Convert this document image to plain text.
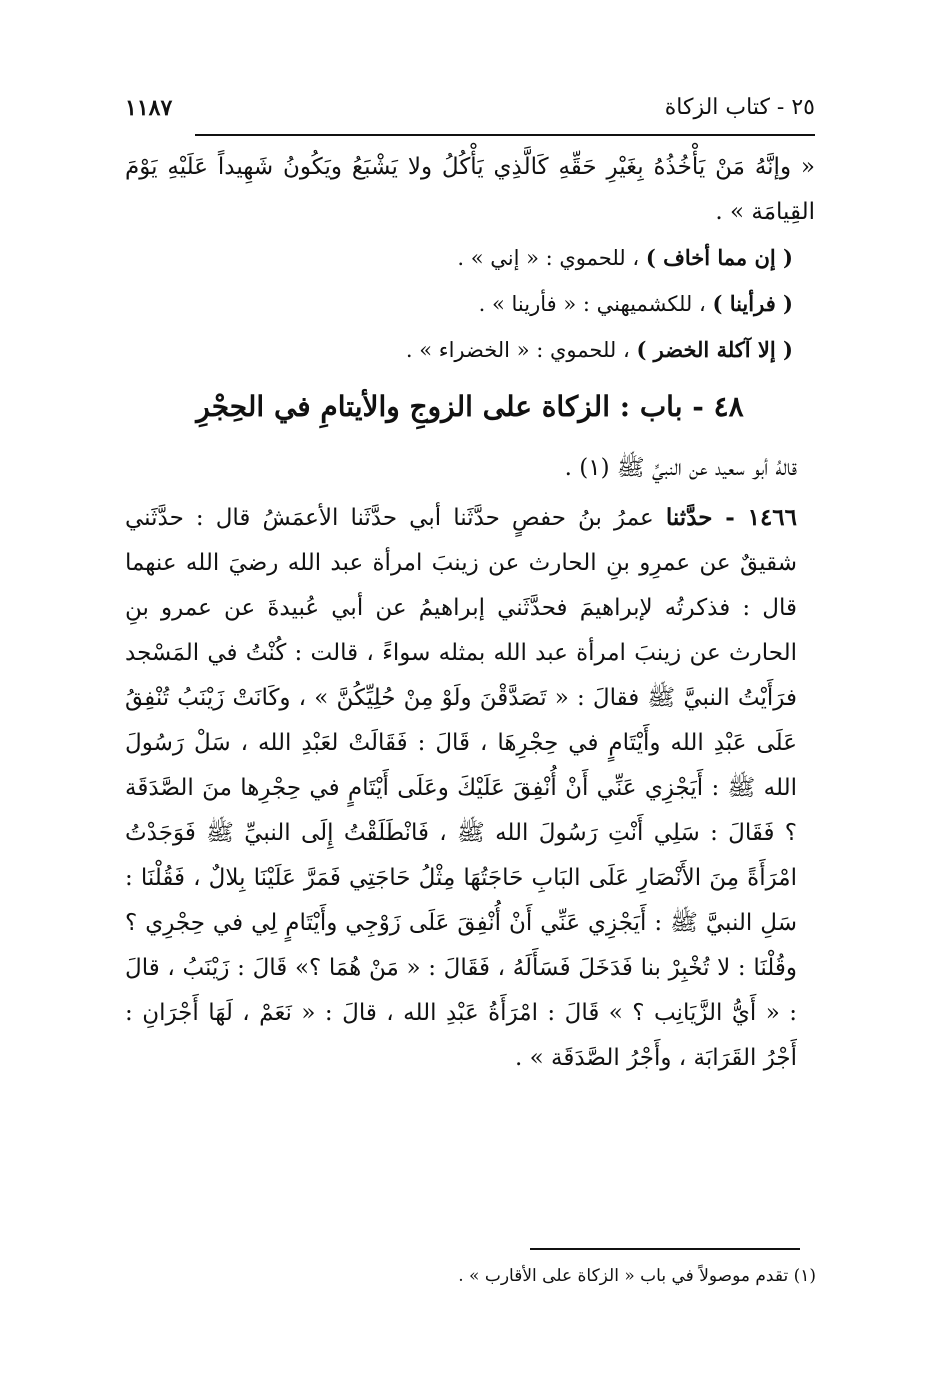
٢٥ - كتاب الزكاة
١١٨٧

« وإنَّهُ مَنْ يَأْخُذُهُ بِغَيْرِ حَقِّهِ كَالَّذِي يَأْكُلُ ولا يَشْبَعُ ويَكُونُ شَهِيداً عَلَيْهِ يَوْمَ القِيامَة » .

( إن مما أخاف ) ، للحموي : « إني » .

( فرأينا ) ، للكشميهني : « فأرينا » .

( إلا آكلة الخضر ) ، للحموي : « الخضراء » .

٤٨ - باب : الزكاة على الزوجِ والأيتامِ في الحِجْرِ

قالهُ أبو سعيد عن النبيِّ ﷺ (١) .

١٤٦٦ - حدَّثنا عمرُ بنُ حفصٍ حدَّثَنا أبي حدَّثَنا الأعمَشُ قال : حدَّثَني شقيقٌ عن عمرِو بنِ الحارث عن زينبَ امرأة عبد الله رضيَ الله عنهما قال : فذكرتُه لإبراهيمَ فحدَّثَني إبراهيمُ عن أبي عُبيدةَ عن عمرو بنِ الحارث عن زينبَ امرأة عبد الله بمثله سواءً ، قالت : كُنْتُ في المَسْجد فرَأَيْتُ النبيَّ ﷺ فقالَ : « تَصَدَّقْنَ ولَوْ مِنْ حُلِيِّكُنَّ » ، وكَانَتْ زَيْنَبُ تُنْفِقُ عَلَى عَبْدِ الله وأَيْتَامٍ في حِجْرِهَا ، قَالَ : فَقَالَتْ لعَبْدِ الله ، سَلْ رَسُولَ الله ﷺ : أَيَجْزِي عَنِّي أَنْ أُنْفِقَ عَلَيْكَ وعَلَى أَيْتَامٍ في حِجْرِها منَ الصَّدَقَة ؟ فَقَالَ : سَلِي أَنْتِ رَسُولَ الله ﷺ ، فَانْطَلَقْتُ إِلَى النبيِّ ﷺ فَوَجَدْتُ امْرَأَةً مِنَ الأَنْصَارِ عَلَى البَابِ حَاجَتُهَا مِثْلُ حَاجَتِي فَمَرَّ عَلَيْنَا بِلالٌ ، فَقُلْنَا : سَلِ النبيَّ ﷺ : أَيَجْزِي عَنِّي أَنْ أُنْفِقَ عَلَى زَوْجِي وأَيْتَامٍ لِي في حِجْرِي ؟ وقُلْنَا : لا تُخْبِرْ بنا فَدَخَلَ فَسَأَلَهُ ، فَقَالَ : « مَنْ هُمَا ؟» قَالَ : زَيْنَبُ ، قالَ : « أَيُّ الزَّيَانِب ؟ » قَالَ : امْرَأَةُ عَبْدِ الله ، قالَ : « نَعَمْ ، لَهَا أَجْرَانِ : أَجْرُ القَرَابَة ، وأَجْرُ الصَّدَقَة » .

(١) تقدم موصولاً في باب « الزكاة على الأقارب » .
